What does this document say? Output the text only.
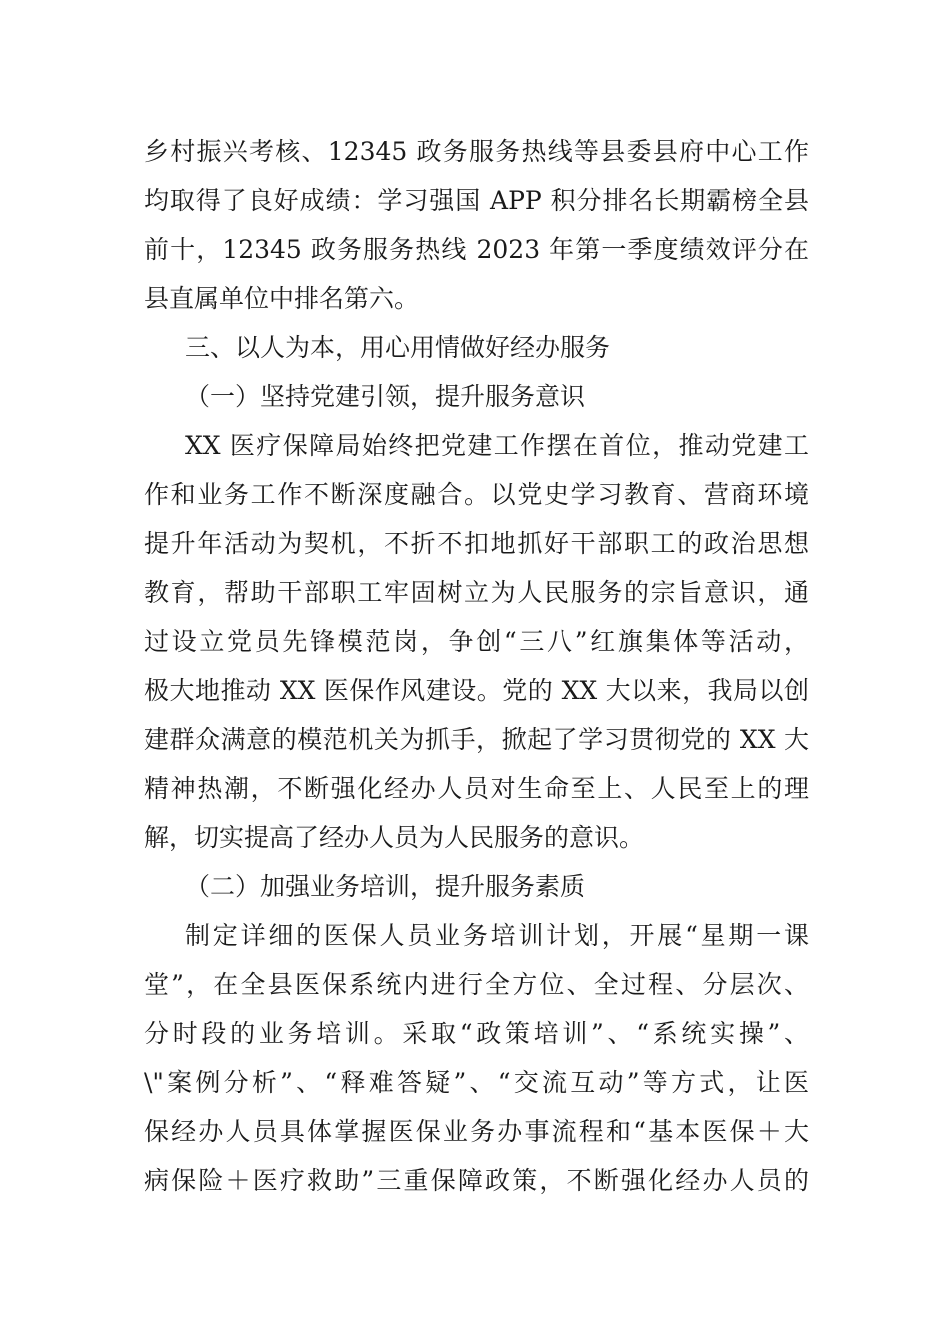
乡村振兴考核、12345 政务服务热线等县委县府中心工作
均取得了良好成绩：学习强国 APP 积分排名长期霸榜全县
前十，12345 政务服务热线 2023 年第一季度绩效评分在
县直属单位中排名第六。
三、以人为本，用心用情做好经办服务
（一）坚持党建引领，提升服务意识
XX 医疗保障局始终把党建工作摆在首位，推动党建工
作和业务工作不断深度融合。以党史学习教育、营商环境
提升年活动为契机，不折不扣地抓好干部职工的政治思想
教育，帮助干部职工牢固树立为人民服务的宗旨意识，通
过设立党员先锋模范岗，争创“三八”红旗集体等活动，
极大地推动 XX 医保作风建设。党的 XX 大以来，我局以创
建群众满意的模范机关为抓手，掀起了学习贯彻党的 XX 大
精神热潮，不断强化经办人员对生命至上、人民至上的理
解，切实提高了经办人员为人民服务的意识。
（二）加强业务培训，提升服务素质
制定详细的医保人员业务培训计划，开展“星期一课
堂”，在全县医保系统内进行全方位、全过程、分层次、
分时段的业务培训。采取“政策培训”、“系统实操”、
\"案例分析”、“释难答疑”、“交流互动”等方式，让医
保经办人员具体掌握医保业务办事流程和“基本医保＋大
病保险＋医疗救助”三重保障政策，不断强化经办人员的
